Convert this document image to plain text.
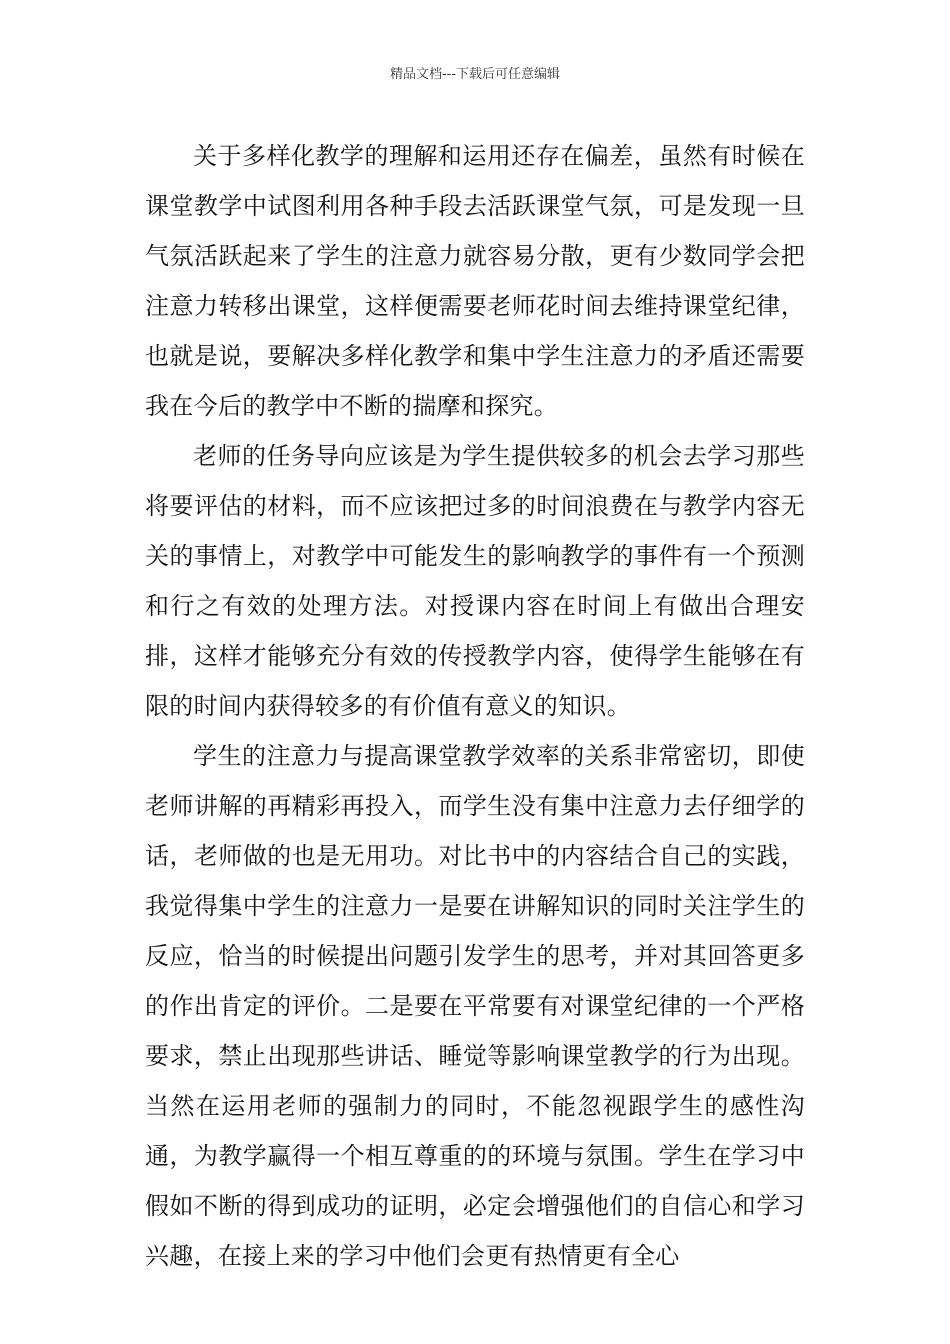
精品文档---下载后可任意编辑

关于多样化教学的理解和运用还存在偏差，虽然有时候在课堂教学中试图利用各种手段去活跃课堂气氛，可是发现一旦气氛活跃起来了学生的注意力就容易分散，更有少数同学会把注意力转移出课堂，这样便需要老师花时间去维持课堂纪律，也就是说，要解决多样化教学和集中学生注意力的矛盾还需要我在今后的教学中不断的揣摩和探究。

老师的任务导向应该是为学生提供较多的机会去学习那些将要评估的材料，而不应该把过多的时间浪费在与教学内容无关的事情上，对教学中可能发生的影响教学的事件有一个预测和行之有效的处理方法。对授课内容在时间上有做出合理安排，这样才能够充分有效的传授教学内容，使得学生能够在有限的时间内获得较多的有价值有意义的知识。

学生的注意力与提高课堂教学效率的关系非常密切，即使老师讲解的再精彩再投入，而学生没有集中注意力去仔细学的话，老师做的也是无用功。对比书中的内容结合自己的实践，我觉得集中学生的注意力一是要在讲解知识的同时关注学生的反应，恰当的时候提出问题引发学生的思考，并对其回答更多的作出肯定的评价。二是要在平常要有对课堂纪律的一个严格要求，禁止出现那些讲话、睡觉等影响课堂教学的行为出现。当然在运用老师的强制力的同时，不能忽视跟学生的感性沟通，为教学赢得一个相互尊重的的环境与氛围。学生在学习中假如不断的得到成功的证明，必定会增强他们的自信心和学习兴趣，在接上来的学习中他们会更有热情更有全心
